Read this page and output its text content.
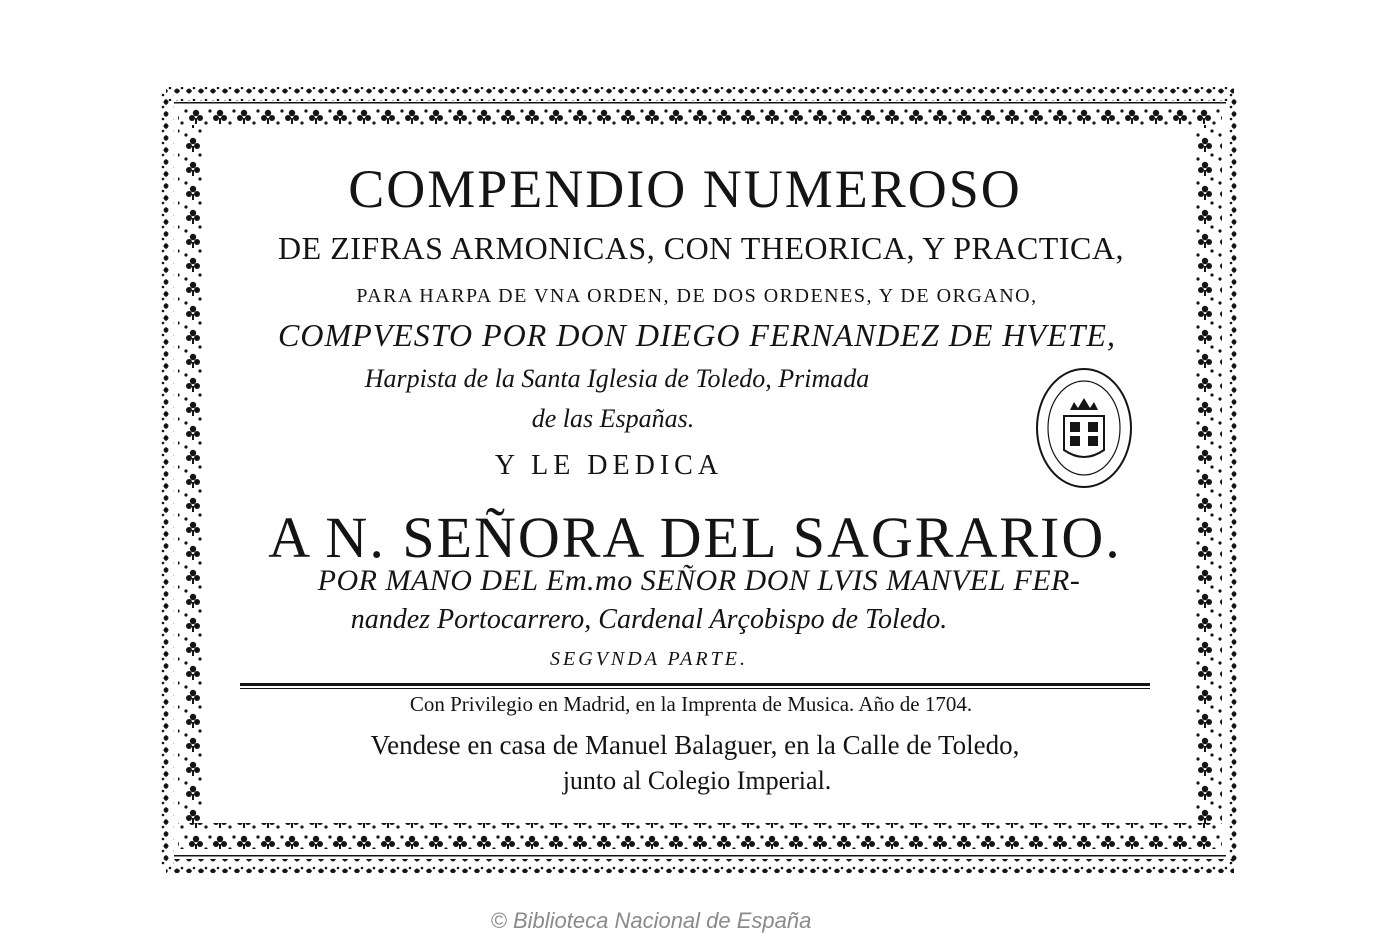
COMPENDIO NUMEROSO
DE ZIFRAS ARMONICAS, CON THEORICA, Y PRACTICA,
PARA HARPA DE VNA ORDEN, DE DOS ORDENES, Y DE ORGANO,
COMPVESTO POR DON DIEGO FERNANDEZ DE HVETE,
Harpista de la Santa Iglesia de Toledo, Primada
de las Españas.
Y LE DEDICA
A N. SEÑORA DEL SAGRARIO.
POR MANO DEL Em.mo SEÑOR DON LVIS MANVEL FER-
nandez Portocarrero, Cardenal Arçobispo de Toledo.
SEGVNDA PARTE.
Con Privilegio en Madrid, en la Imprenta de Musica. Año de 1704.
Vendese en casa de Manuel Balaguer, en la Calle de Toledo,
junto al Colegio Imperial.
© Biblioteca Nacional de España
